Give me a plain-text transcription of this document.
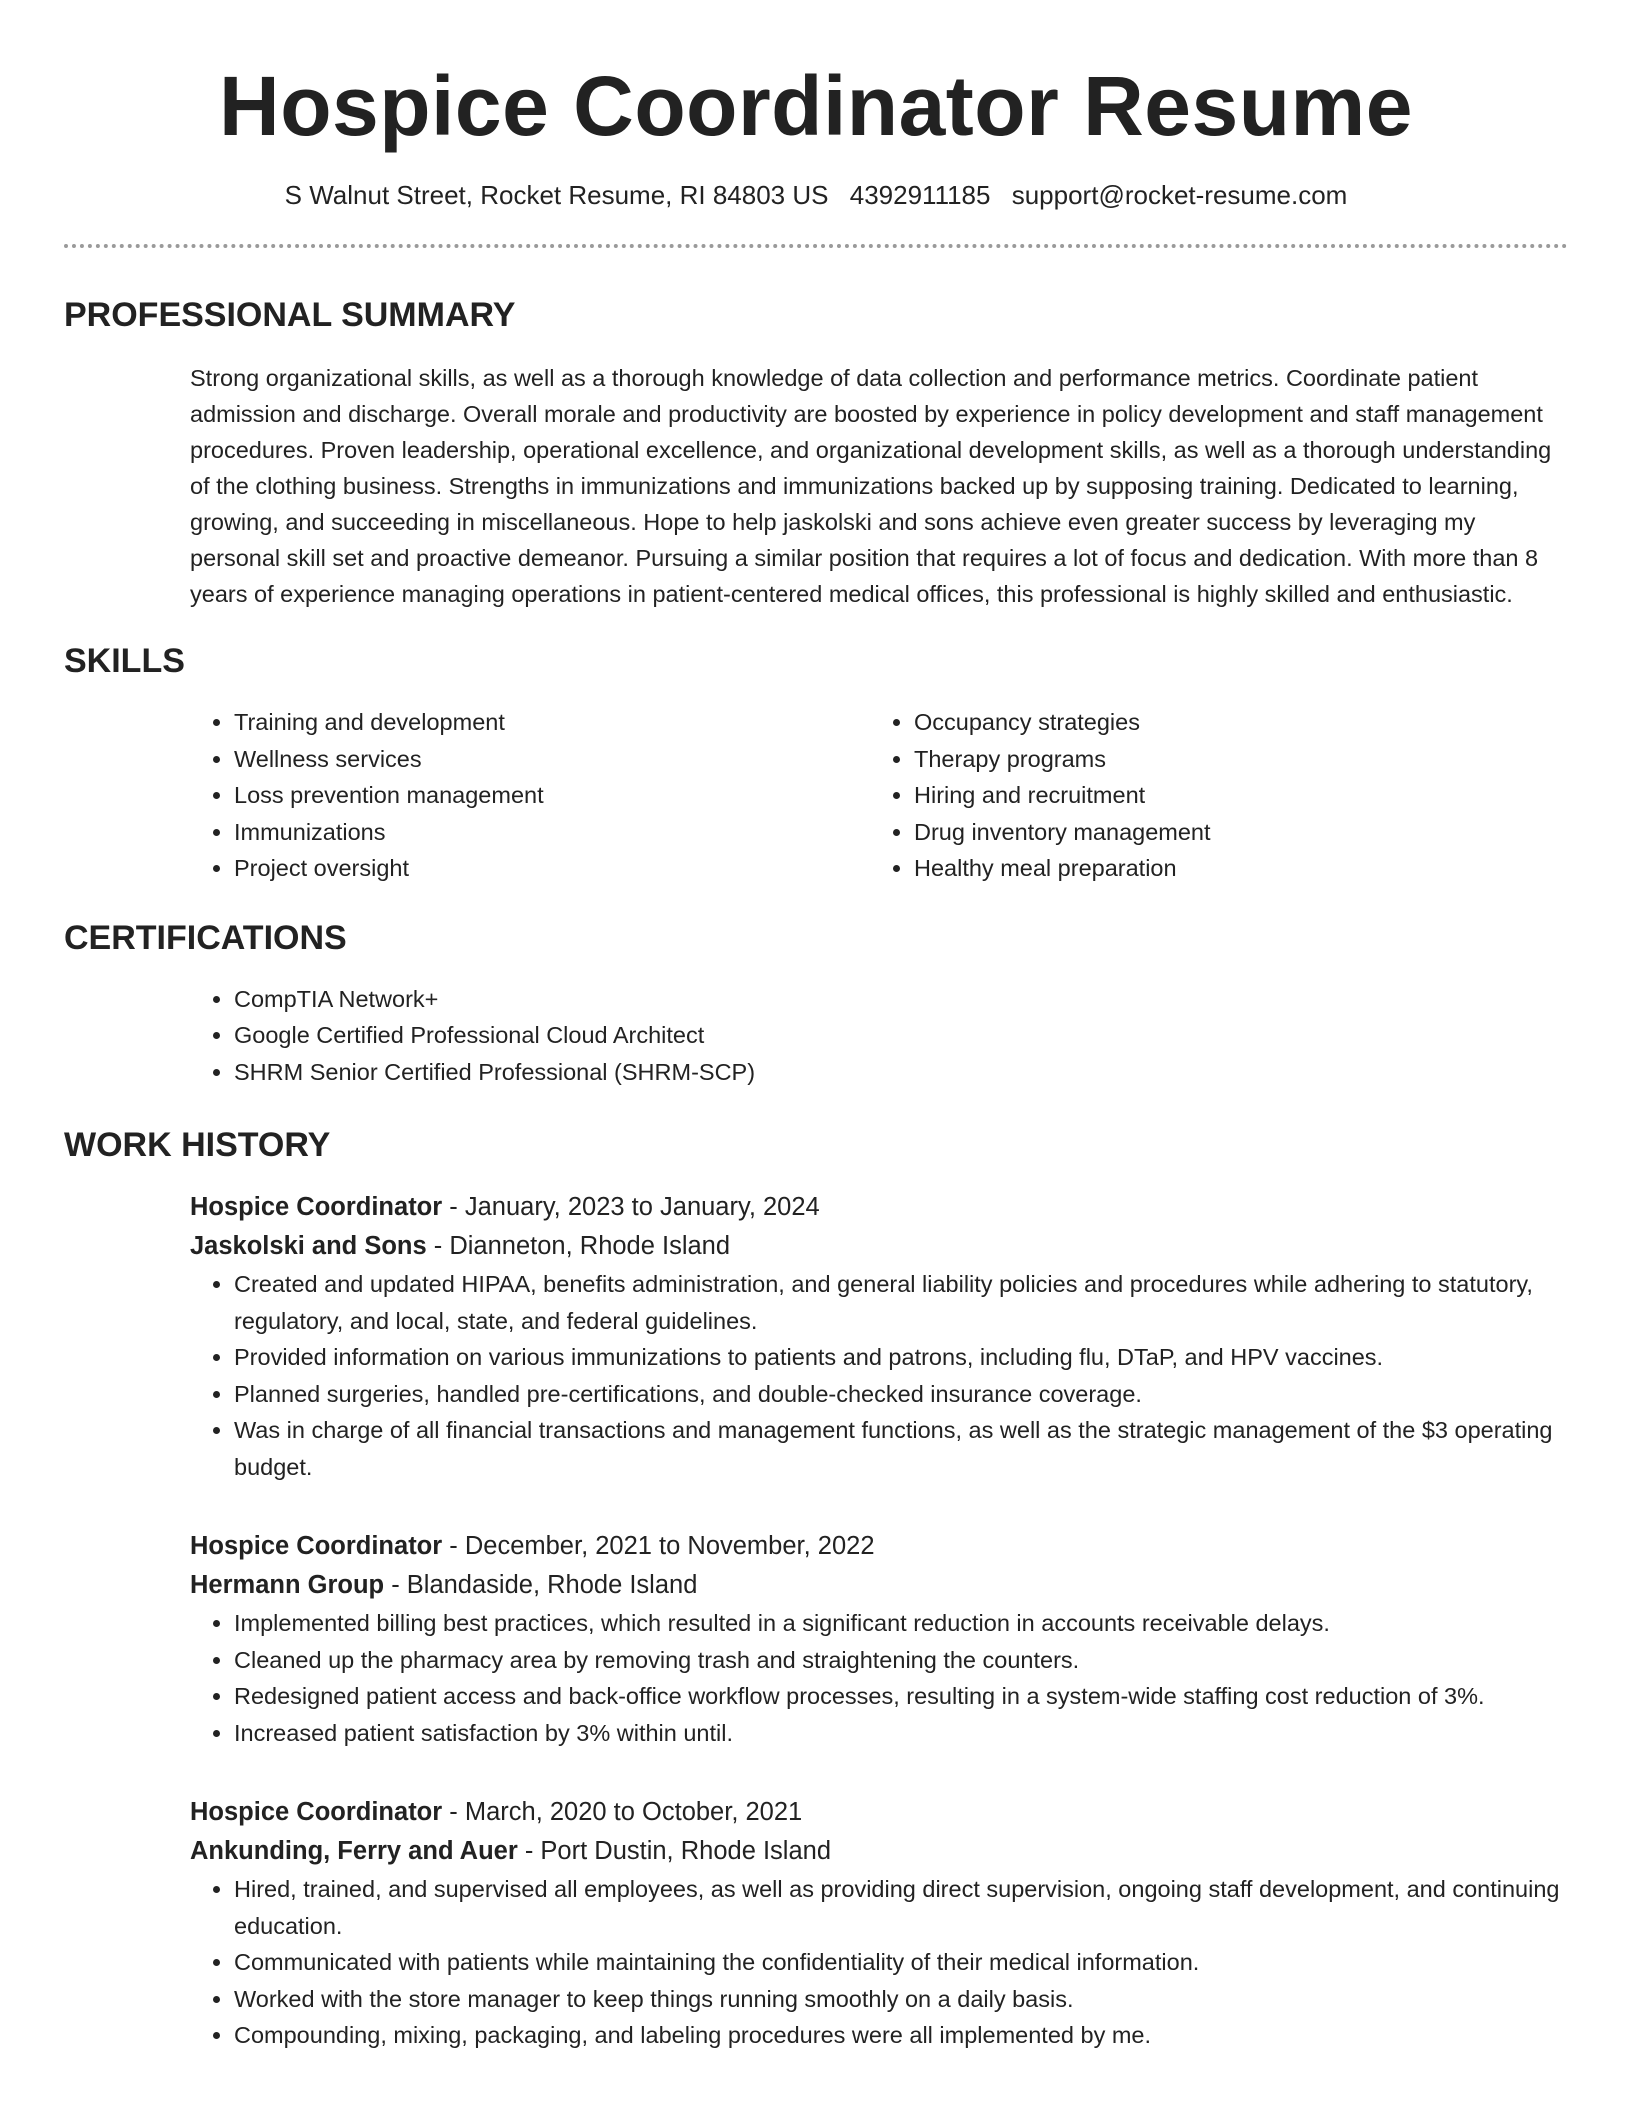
Hospice Coordinator Resume
S Walnut Street, Rocket Resume, RI 84803 US 4392911185 support@rocket-resume.com
PROFESSIONAL SUMMARY
Strong organizational skills, as well as a thorough knowledge of data collection and performance metrics. Coordinate patient admission and discharge. Overall morale and productivity are boosted by experience in policy development and staff management procedures. Proven leadership, operational excellence, and organizational development skills, as well as a thorough understanding of the clothing business. Strengths in immunizations and immunizations backed up by supposing training. Dedicated to learning, growing, and succeeding in miscellaneous. Hope to help jaskolski and sons achieve even greater success by leveraging my personal skill set and proactive demeanor. Pursuing a similar position that requires a lot of focus and dedication. With more than 8 years of experience managing operations in patient-centered medical offices, this professional is highly skilled and enthusiastic.
SKILLS
• Training and development
• Wellness services
• Loss prevention management
• Immunizations
• Project oversight
• Occupancy strategies
• Therapy programs
• Hiring and recruitment
• Drug inventory management
• Healthy meal preparation
CERTIFICATIONS
• CompTIA Network+
• Google Certified Professional Cloud Architect
• SHRM Senior Certified Professional (SHRM-SCP)
WORK HISTORY
Hospice Coordinator - January, 2023 to January, 2024
Jaskolski and Sons - Dianneton, Rhode Island
• Created and updated HIPAA, benefits administration, and general liability policies and procedures while adhering to statutory, regulatory, and local, state, and federal guidelines.
• Provided information on various immunizations to patients and patrons, including flu, DTaP, and HPV vaccines.
• Planned surgeries, handled pre-certifications, and double-checked insurance coverage.
• Was in charge of all financial transactions and management functions, as well as the strategic management of the $3 operating budget.
Hospice Coordinator - December, 2021 to November, 2022
Hermann Group - Blandaside, Rhode Island
• Implemented billing best practices, which resulted in a significant reduction in accounts receivable delays.
• Cleaned up the pharmacy area by removing trash and straightening the counters.
• Redesigned patient access and back-office workflow processes, resulting in a system-wide staffing cost reduction of 3%.
• Increased patient satisfaction by 3% within until.
Hospice Coordinator - March, 2020 to October, 2021
Ankunding, Ferry and Auer - Port Dustin, Rhode Island
• Hired, trained, and supervised all employees, as well as providing direct supervision, ongoing staff development, and continuing education.
• Communicated with patients while maintaining the confidentiality of their medical information.
• Worked with the store manager to keep things running smoothly on a daily basis.
• Compounding, mixing, packaging, and labeling procedures were all implemented by me.
